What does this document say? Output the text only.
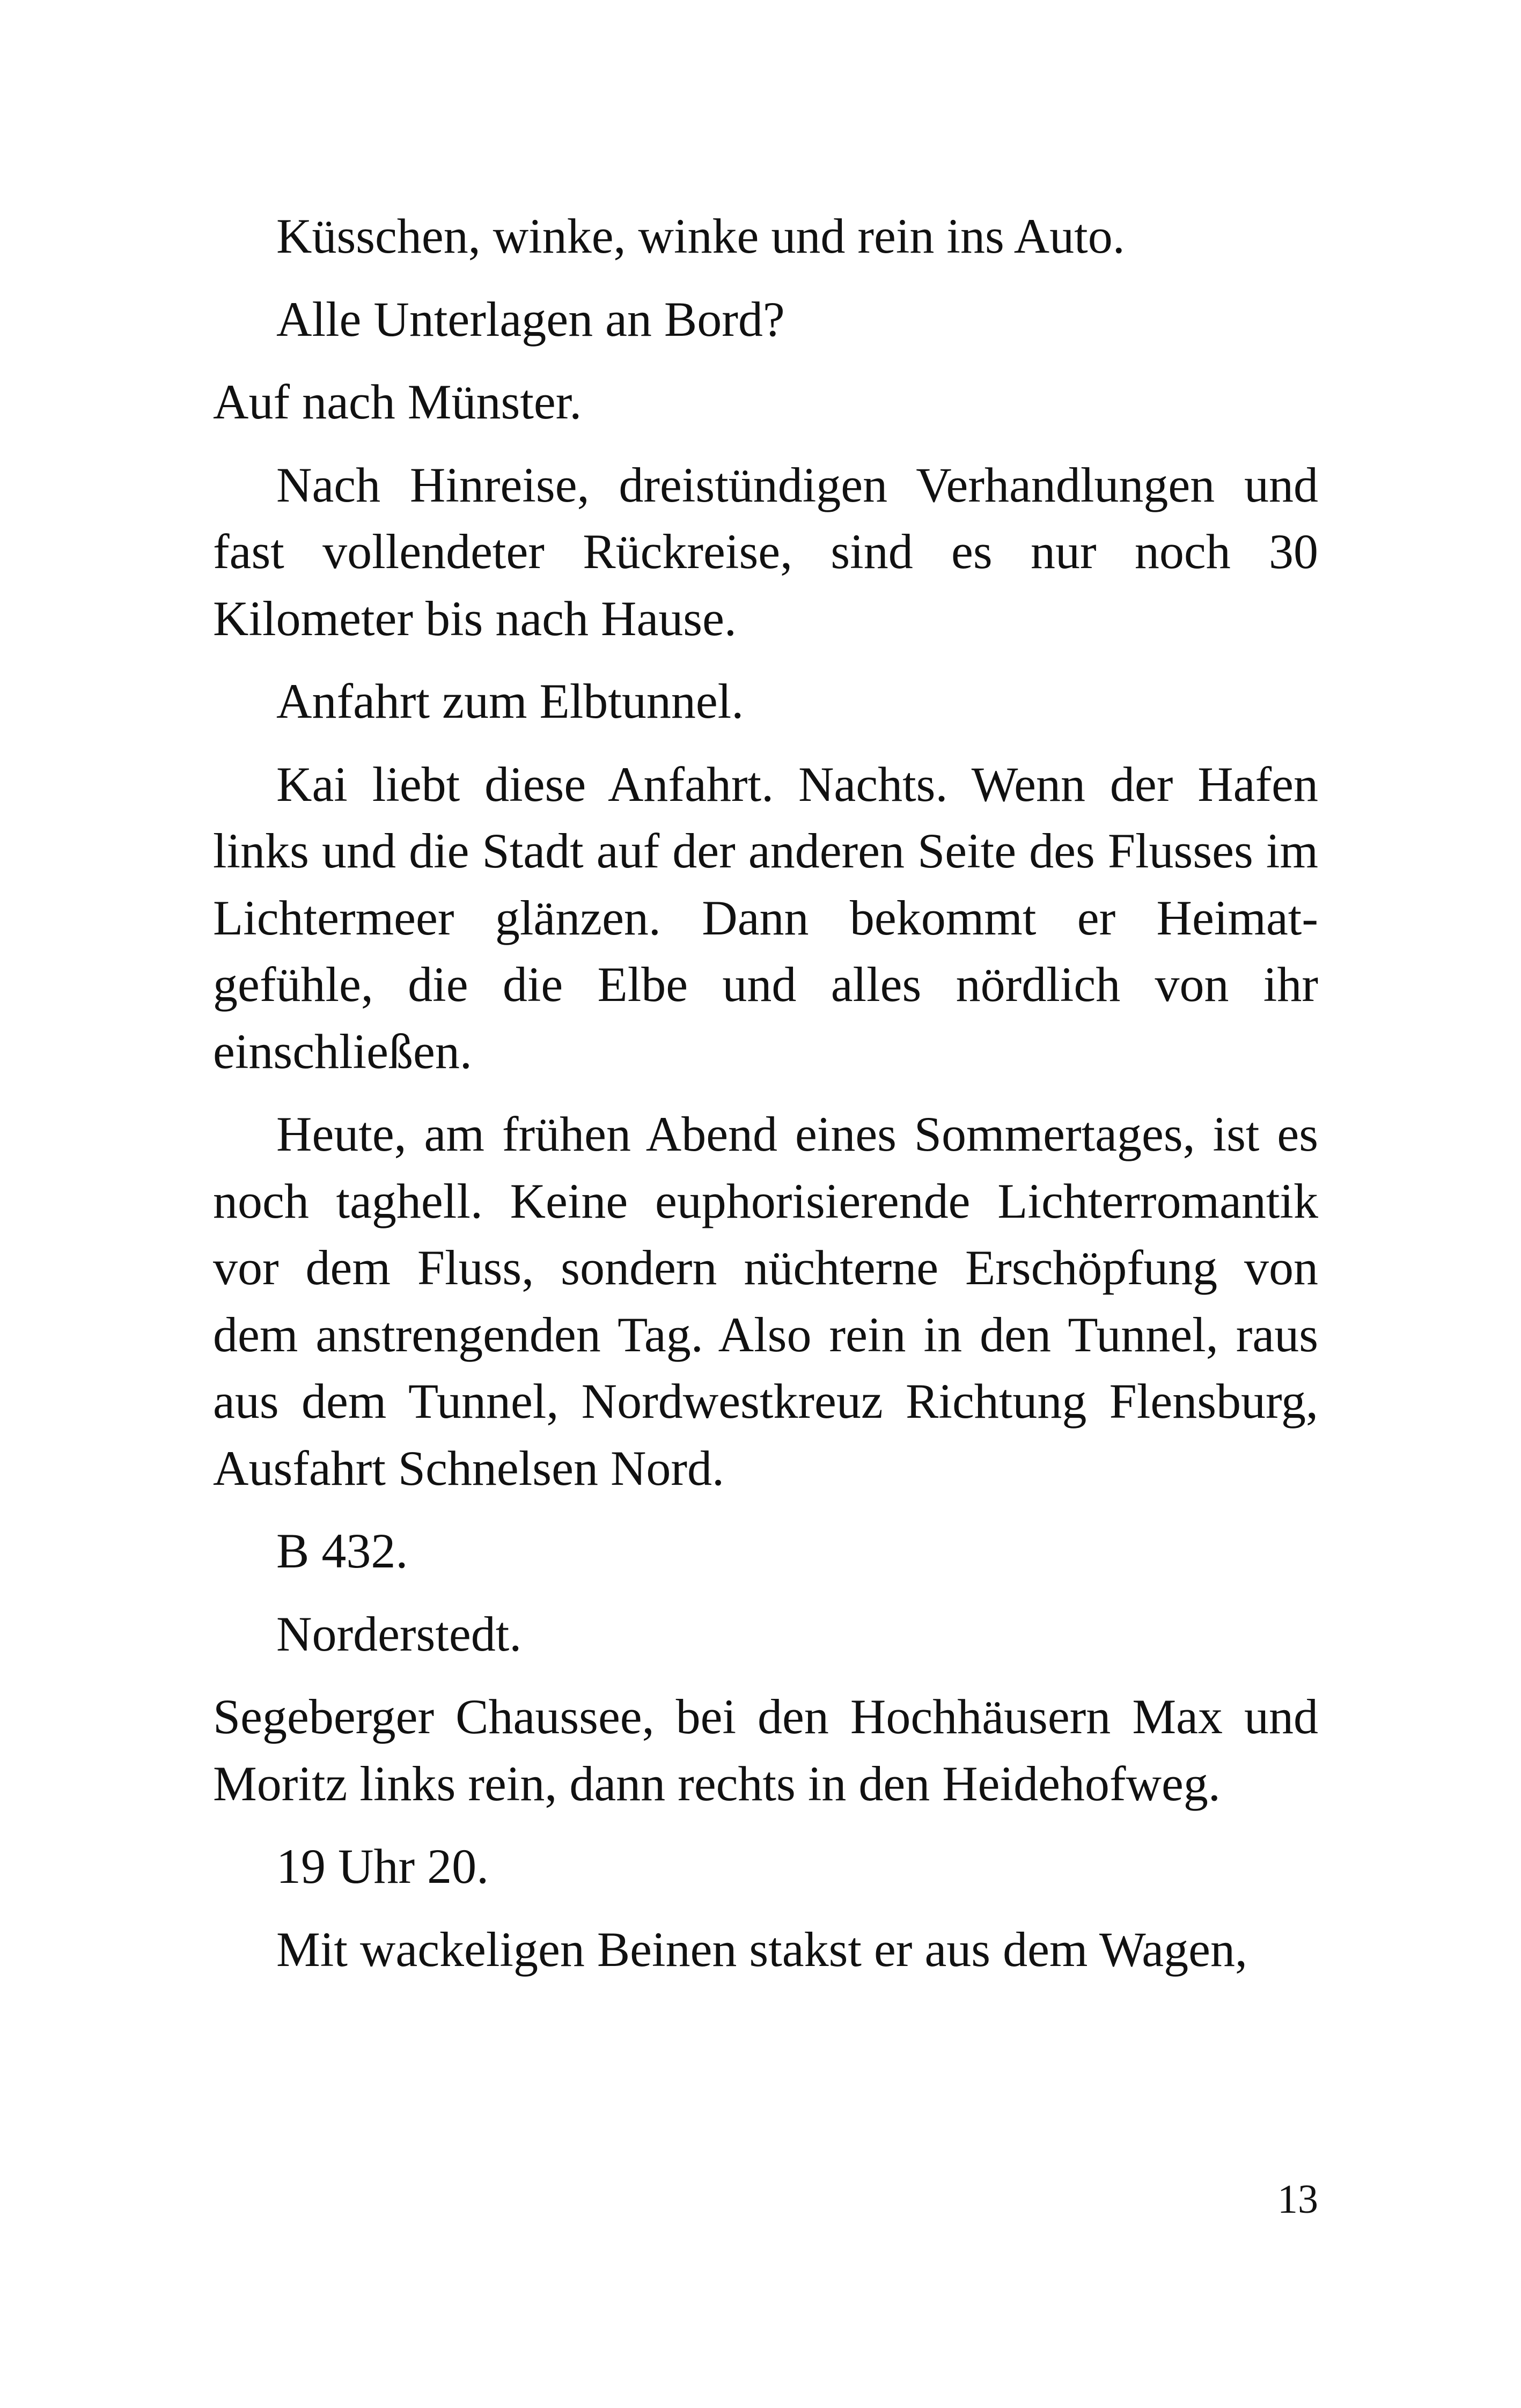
Küsschen, winke, winke und rein ins Auto.

Alle Unterlagen an Bord?

Auf nach Münster.

Nach Hinreise, dreistündigen Verhandlungen und fast vollendeter Rückreise, sind es nur noch 30 Kilometer bis nach Hause.

Anfahrt zum Elbtunnel.

Kai liebt diese Anfahrt. Nachts. Wenn der Hafen links und die Stadt auf der anderen Seite des Flusses im Lichtermeer glänzen. Dann bekommt er Heimatgefühle, die die Elbe und alles nördlich von ihr einschließen.

Heute, am frühen Abend eines Sommertages, ist es noch taghell. Keine euphorisierende Lichterromantik vor dem Fluss, sondern nüchterne Erschöpfung von dem anstrengenden Tag. Also rein in den Tunnel, raus aus dem Tunnel, Nordwestkreuz Richtung Flensburg, Ausfahrt Schnelsen Nord.

B 432.

Norderstedt.

Segeberger Chaussee, bei den Hochhäusern Max und Moritz links rein, dann rechts in den Heidehofweg.

19 Uhr 20.

Mit wackeligen Beinen stakst er aus dem Wagen,

13
